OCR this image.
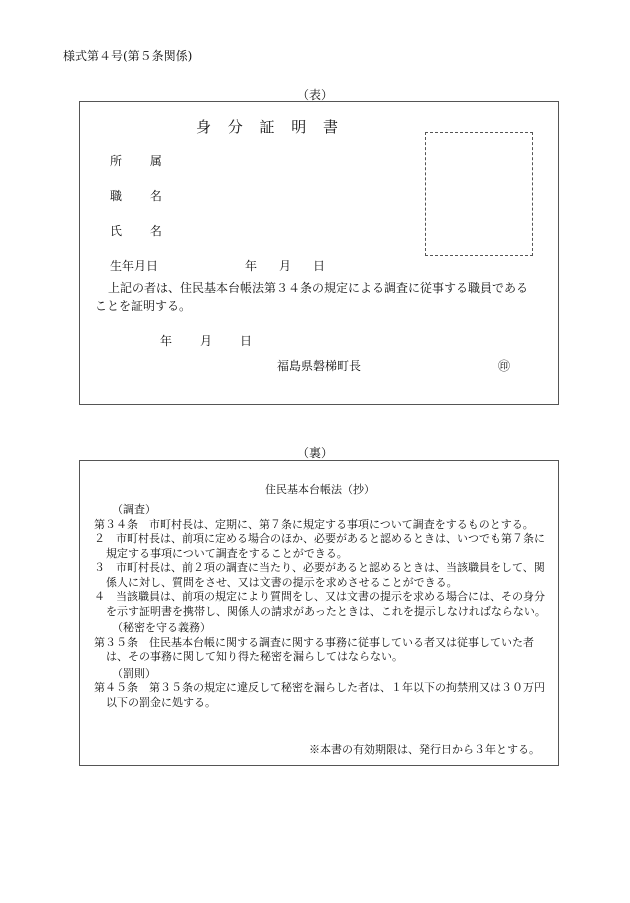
様式第４号(第５条関係)
（表）
身 分 証 明 書
所 属
職 名
氏 名
生年月日	年 月 日
上記の者は、住民基本台帳法第３４条の規定による調査に従事する職員であることを証明する。
年 月 日
福島県磐梯町長	㊞
（裏）
住民基本台帳法（抄）
（調査）
第３４条　市町村長は、定期に、第７条に規定する事項について調査をするものとする。
２　市町村長は、前項に定める場合のほか、必要があると認めるときは、いつでも第７条に規定する事項について調査をすることができる。
３　市町村長は、前２項の調査に当たり、必要があると認めるときは、当該職員をして、関係人に対し、質問をさせ、又は文書の提示を求めさせることができる。
４　当該職員は、前項の規定により質問をし、又は文書の提示を求める場合には、その身分を示す証明書を携帯し、関係人の請求があったときは、これを提示しなければならない。
（秘密を守る義務）
第３５条　住民基本台帳に関する調査に関する事務に従事している者又は従事していた者は、その事務に関して知り得た秘密を漏らしてはならない。
（罰則）
第４５条　第３５条の規定に違反して秘密を漏らした者は、１年以下の拘禁刑又は３０万円以下の罰金に処する。
※本書の有効期限は、発行日から３年とする。
